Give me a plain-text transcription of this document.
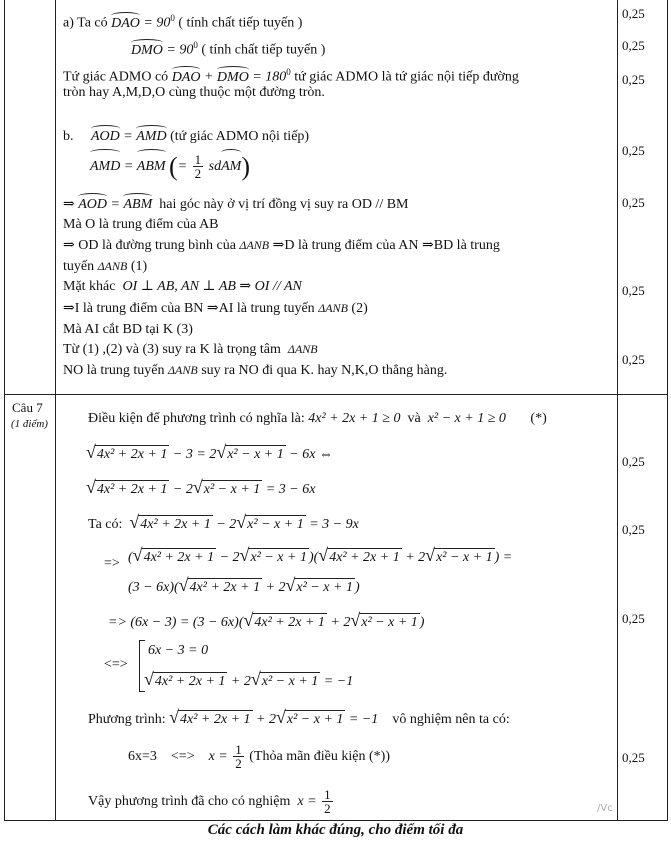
0,25
0,25
0,25
0,25
0,25
0,25
0,25
0,25
0,25
0,25
0,25
a) Ta có DAO = $90^0$ ( tính chất tiếp tuyến )
DMO = $90^0$ ( tính chất tiếp tuyến )
Tứ giác ADMO có DAO + DMO = $180^0$ tứ giác ADMO là tứ giác nội tiếp đường
tròn hay A,M,D,O cùng thuộc một đường tròn.
b. AOD = AMD (tứ giác ADMO nội tiếp)
AMD = ABM (= $\frac{1}{2}$ sdAM)
⇒ AOD = ABM hai góc này ở vị trí đồng vị suy ra OD // BM
Mà O là trung điểm của AB
⇒ OD là đường trung bình của ΔANB ⇒D là trung điểm của AN ⇒BD là trung
tuyến ΔANB (1)
Mặt khác OI ⊥ AB, AN ⊥ AB ⇒ OI // AN
⇒I là trung điểm của BN ⇒AI là trung tuyến ΔANB (2)
Mà AI cắt BD tại K (3)
Từ (1) ,(2) và (3) suy ra K là trọng tâm ΔANB
NO là trung tuyến ΔANB suy ra NO đi qua K. hay N,K,O thẳng hàng.
Câu 7
(1 điểm)	Điều kiện để phương trình có nghĩa là: 4x² + 2x + 1 ≥ 0 và x² − x + 1 ≥ 0 (*)
√4x² + 2x + 1 − 3 = 2√x² − x + 1 − 6x ⇔
√4x² + 2x + 1 − 2√x² − x + 1 = 3 − 6x
Ta có: √4x² + 2x + 1 − 2√x² − x + 1 = 3 − 9x
=> (√4x² + 2x + 1 − 2√x² − x + 1 )(√4x² + 2x + 1 + 2√x² − x + 1 ) =
(3 − 6x)(√4x² + 2x + 1 + 2√x² − x + 1 )
=> (6x − 3) = (3 − 6x)(√4x² + 2x + 1 + 2√x² − x + 1 )
<=>
6x − 3 = 0
√4x² + 2x + 1 + 2√x² − x + 1 = −1
Phương trình: √4x² + 2x + 1 + 2√x² − x + 1 = −1 vô nghiệm nên ta có:
6x=3 <=> $x = \frac{1}{2}$ (Thỏa mãn điều kiện (*))
Vậy phương trình đã cho có nghiệm $x = \frac{1}{2}$	/Vc
Các cách làm khác đúng, cho điểm tối đa
